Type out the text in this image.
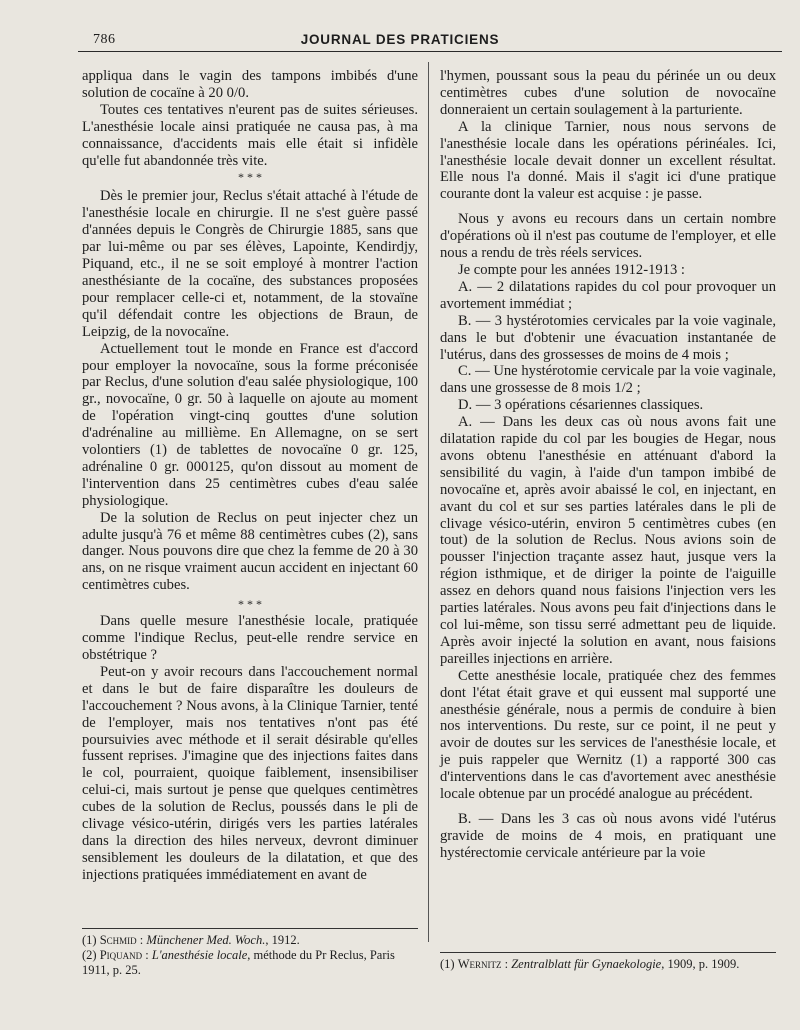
786	JOURNAL DES PRATICIENS

appliqua dans le vagin des tampons imbibés d'une solution de cocaïne à 20 0/0.

Toutes ces tentatives n'eurent pas de suites sérieuses. L'anesthésie locale ainsi pratiquée ne causa pas, à ma connaissance, d'accidents mais elle était si infidèle qu'elle fut abandonnée très vite.

* * *

Dès le premier jour, Reclus s'était attaché à l'étude de l'anesthésie locale en chirurgie. Il ne s'est guère passé d'années depuis le Congrès de Chirurgie 1885, sans que par lui-même ou par ses élèves, Lapointe, Kendirdjy, Piquand, etc., il ne se soit employé à montrer l'action anesthésiante de la cocaïne, des substances proposées pour remplacer celle-ci et, notamment, de la stovaïne qu'il défendait contre les objections de Braun, de Leipzig, de la novocaïne.

Actuellement tout le monde en France est d'accord pour employer la novocaïne, sous la forme préconisée par Reclus, d'une solution d'eau salée physiologique, 100 gr., novocaïne, 0 gr. 50 à laquelle on ajoute au moment de l'opération vingt-cinq gouttes d'une solution d'adrénaline au millième. En Allemagne, on se sert volontiers (1) de tablettes de novocaïne 0 gr. 125, adrénaline 0 gr. 000125, qu'on dissout au moment de l'intervention dans 25 centimètres cubes d'eau salée physiologique.

De la solution de Reclus on peut injecter chez un adulte jusqu'à 76 et même 88 centimètres cubes (2), sans danger. Nous pouvons dire que chez la femme de 20 à 30 ans, on ne risque vraiment aucun accident en injectant 60 centimètres cubes.

* * *

Dans quelle mesure l'anesthésie locale, pratiquée comme l'indique Reclus, peut-elle rendre service en obstétrique ?

Peut-on y avoir recours dans l'accouchement normal et dans le but de faire disparaître les douleurs de l'accouchement ? Nous avons, à la Clinique Tarnier, tenté de l'employer, mais nos tentatives n'ont pas été poursuivies avec méthode et il serait désirable qu'elles fussent reprises. J'imagine que des injections faites dans le col, pourraient, quoique faiblement, insensibiliser celui-ci, mais surtout je pense que quelques centimètres cubes de la solution de Reclus, poussés dans le pli de clivage vésico-utérin, dirigés vers les parties latérales dans la direction des hiles nerveux, devront diminuer sensiblement les douleurs de la dilatation, et que des injections pratiquées immédiatement en avant de

l'hymen, poussant sous la peau du périnée un ou deux centimètres cubes d'une solution de novocaïne donneraient un certain soulagement à la parturiente.

A la clinique Tarnier, nous nous servons de l'anesthésie locale dans les opérations périnéales. Ici, l'anesthésie locale devait donner un excellent résultat. Elle nous l'a donné. Mais il s'agit ici d'une pratique courante dont la valeur est acquise : je passe.

Nous y avons eu recours dans un certain nombre d'opérations où il n'est pas coutume de l'employer, et elle nous a rendu de très réels services.

Je compte pour les années 1912-1913 :

A. — 2 dilatations rapides du col pour provoquer un avortement immédiat ;

B. — 3 hystérotomies cervicales par la voie vaginale, dans le but d'obtenir une évacuation instantanée de l'utérus, dans des grossesses de moins de 4 mois ;

C. — Une hystérotomie cervicale par la voie vaginale, dans une grossesse de 8 mois 1/2 ;

D. — 3 opérations césariennes classiques.

A. — Dans les deux cas où nous avons fait une dilatation rapide du col par les bougies de Hegar, nous avons obtenu l'anesthésie en atténuant d'abord la sensibilité du vagin, à l'aide d'un tampon imbibé de novocaïne et, après avoir abaissé le col, en injectant, en avant du col et sur ses parties latérales dans le pli de clivage vésico-utérin, environ 5 centimètres cubes (en tout) de la solution de Reclus. Nous avions soin de pousser l'injection traçante assez haut, jusque vers la région isthmique, et de diriger la pointe de l'aiguille assez en dehors quand nous faisions l'injection vers les parties latérales. Nous avons peu fait d'injections dans le col lui-même, son tissu serré admettant peu de liquide. Après avoir injecté la solution en avant, nous faisions pareilles injections en arrière.

Cette anesthésie locale, pratiquée chez des femmes dont l'état était grave et qui eussent mal supporté une anesthésie générale, nous a permis de conduire à bien nos interventions. Du reste, sur ce point, il ne peut y avoir de doutes sur les services de l'anesthésie locale, et je puis rappeler que Wernitz (1) a rapporté 300 cas d'interventions dans le cas d'avortement avec anesthésie locale obtenue par un procédé analogue au précédent.

B. — Dans les 3 cas où nous avons vidé l'utérus gravide de moins de 4 mois, en pratiquant une hystérectomie cervicale antérieure par la voie

(1) Schmid : Münchener Med. Woch., 1912.

(2) Piquand : L'anesthésie locale, méthode du Pr Reclus, Paris 1911, p. 25.	(1) Wernitz : Zentralblatt für Gynaekologie, 1909, p. 1909.
